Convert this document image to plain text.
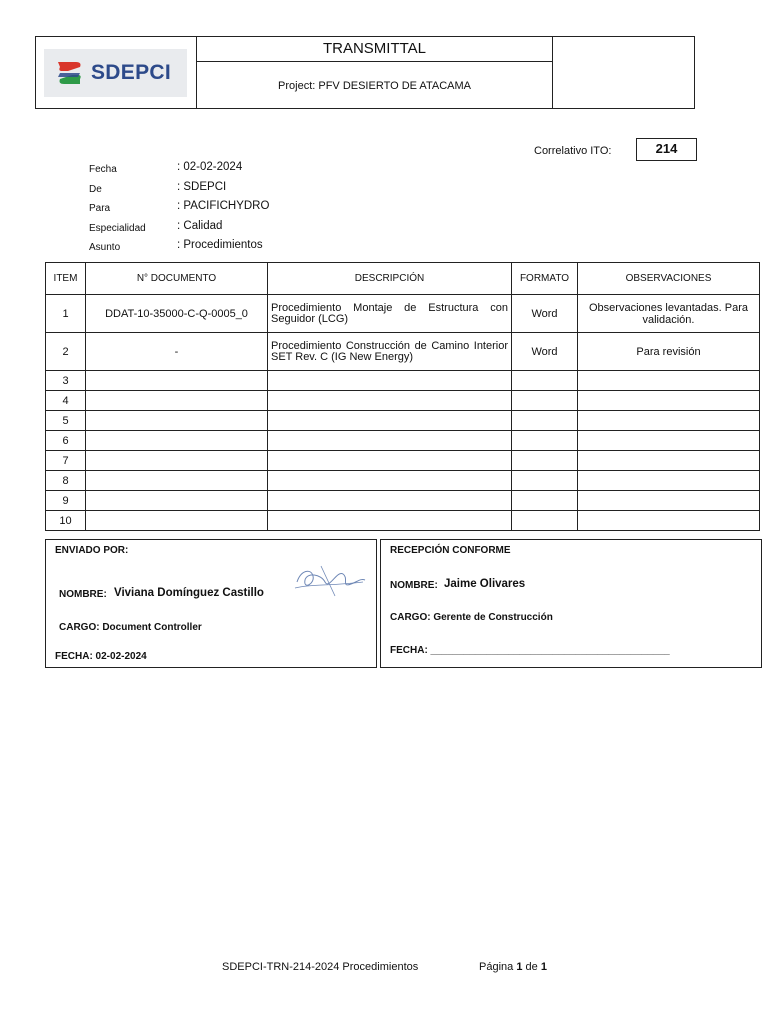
SDEPCI
TRANSMITTAL
Project: PFV DESIERTO DE ATACAMA
Correlativo ITO:	214
Fecha	: 02-02-2024
De	: SDEPCI
Para	: PACIFICHYDRO
Especialidad	: Calidad
Asunto	: Procedimientos
ITEM	N° DOCUMENTO	DESCRIPCIÓN	FORMATO	OBSERVACIONES
1	DDAT-10-35000-C-Q-0005_0	Procedimiento Montaje de Estructura con Seguidor (LCG)	Word	Observaciones levantadas. Para validación.
2	-	Procedimiento Construcción de Camino Interior SET Rev. C (IG New Energy)	Word	Para revisión
3				
4				
5				
6				
7				
8				
9				
10				
ENVIADO POR:
NOMBRE: Viviana Domínguez Castillo
CARGO: Document Controller
FECHA: 02-02-2024
RECEPCIÓN CONFORME
NOMBRE: Jaime Olivares
CARGO: Gerente de Construcción
FECHA: ___________________________________________
SDEPCI-TRN-214-2024 Procedimientos	Página 1 de 1
